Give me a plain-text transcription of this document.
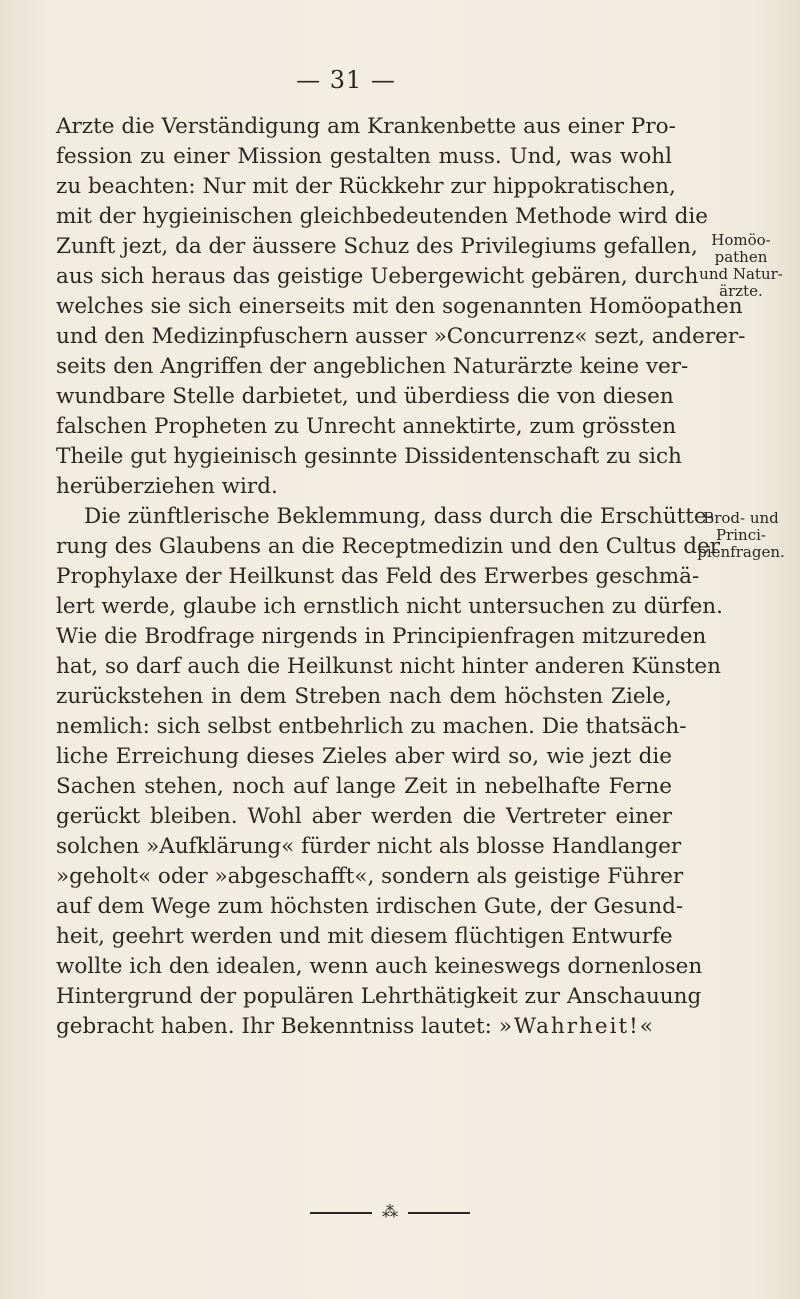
— 31 —
Arzte die Verständigung am Krankenbette aus einer Pro-
fession zu einer Mission gestalten muss. Und, was wohl
zu beachten: Nur mit der Rückkehr zur hippokratischen,
mit der hygieinischen gleichbedeutenden Methode wird die
Zunft jezt, da der äussere Schuz des Privilegiums gefallen,
aus sich heraus das geistige Uebergewicht gebären, durch
welches sie sich einerseits mit den sogenannten Homöopathen
und den Medizinpfuschern ausser »Concurrenz« sezt, anderer-
seits den Angriffen der angeblichen Naturärzte keine ver-
wundbare Stelle darbietet, und überdiess die von diesen
falschen Propheten zu Unrecht annektirte, zum grössten
Theile gut hygieinisch gesinnte Dissidentenschaft zu sich
herüberziehen wird.
Die zünftlerische Beklemmung, dass durch die Erschütte-
rung des Glaubens an die Receptmedizin und den Cultus der
Prophylaxe der Heilkunst das Feld des Erwerbes geschmä-
lert werde, glaube ich ernstlich nicht untersuchen zu dürfen.
Wie die Brodfrage nirgends in Principienfragen mitzureden
hat, so darf auch die Heilkunst nicht hinter anderen Künsten
zurückstehen in dem Streben nach dem höchsten Ziele,
nemlich: sich selbst entbehrlich zu machen. Die thatsäch-
liche Erreichung dieses Zieles aber wird so, wie jezt die
Sachen stehen, noch auf lange Zeit in nebelhafte Ferne
gerückt bleiben. Wohl aber werden die Vertreter einer
solchen »Aufklärung« fürder nicht als blosse Handlanger
»geholt« oder »abgeschafft«, sondern als geistige Führer
auf dem Wege zum höchsten irdischen Gute, der Gesund-
heit, geehrt werden und mit diesem flüchtigen Entwurfe
wollte ich den idealen, wenn auch keineswegs dornenlosen
Hintergrund der populären Lehrthätigkeit zur Anschauung
gebracht haben. Ihr Bekenntniss lautet: »Wahrheit!«
Homöo-
pathen
und Natur-
ärzte.
Brod- und
Princi-
pienfragen.
⁂
